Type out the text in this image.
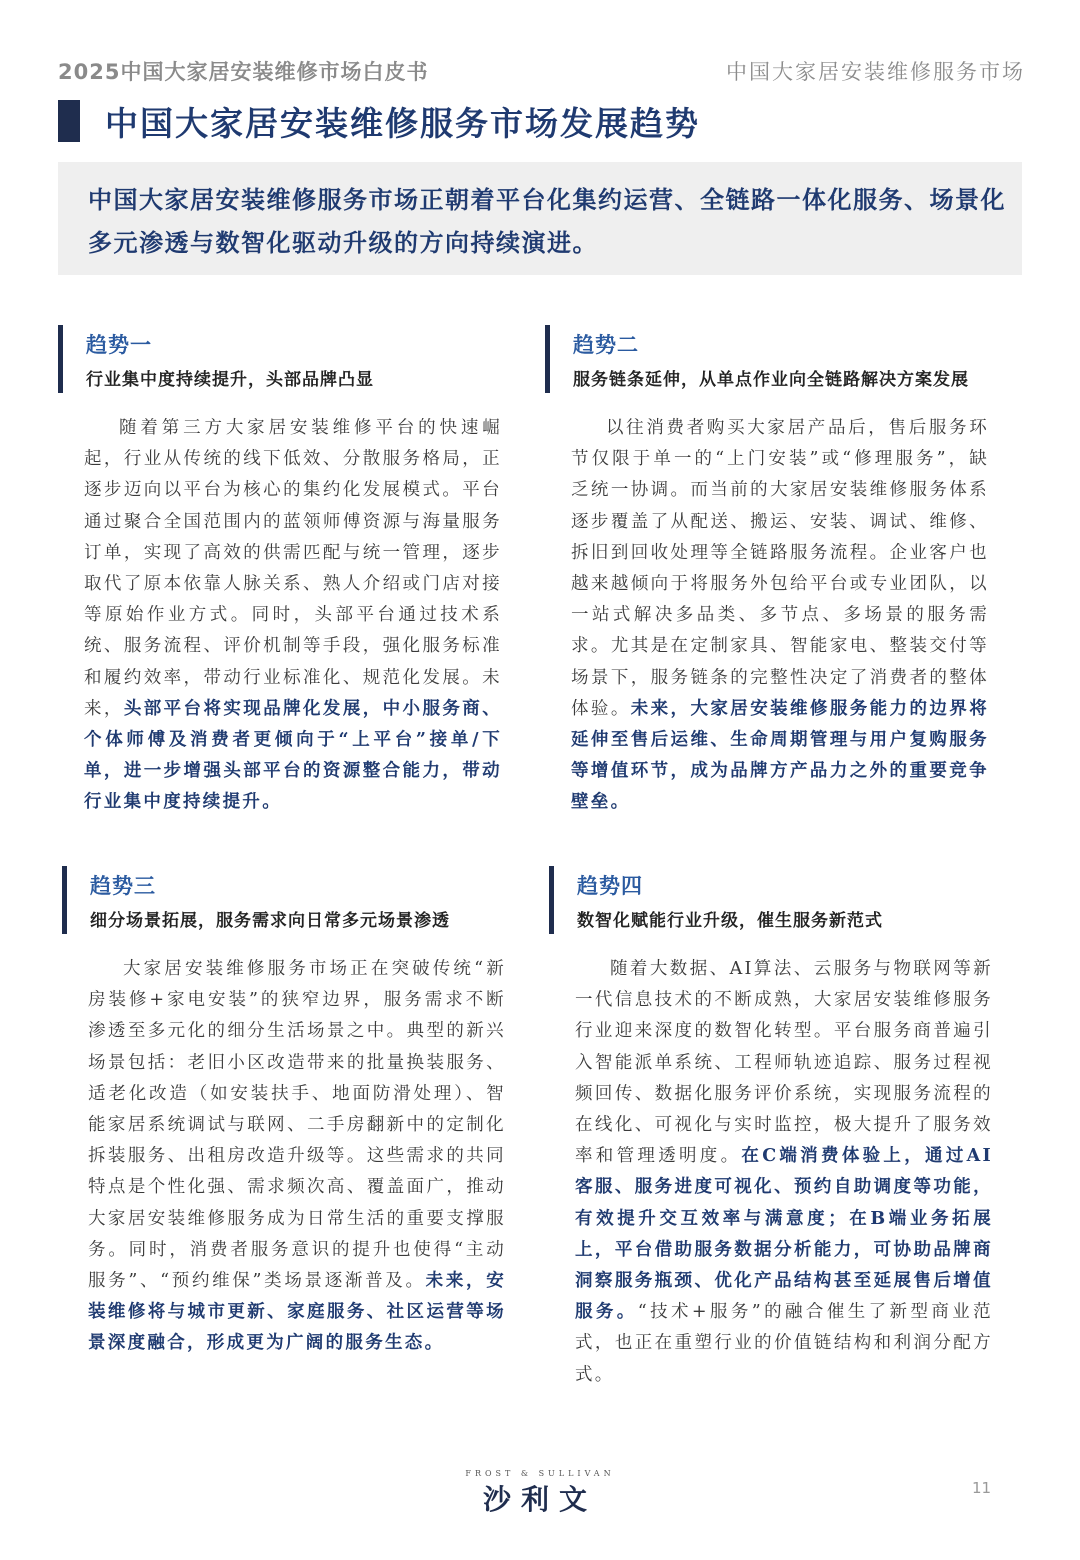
2025中国大家居安装维修市场白皮书	中国大家居安装维修服务市场
中国大家居安装维修服务市场发展趋势
中国大家居安装维修服务市场正朝着平台化集约运营、全链路一体化服务、场景化多元渗透与数智化驱动升级的方向持续演进。
趋势一
行业集中度持续提升，头部品牌凸显
随着第三方大家居安装维修平台的快速崛起，行业从传统的线下低效、分散服务格局，正逐步迈向以平台为核心的集约化发展模式。平台通过聚合全国范围内的蓝领师傅资源与海量服务订单，实现了高效的供需匹配与统一管理，逐步取代了原本依靠人脉关系、熟人介绍或门店对接等原始作业方式。同时，头部平台通过技术系统、服务流程、评价机制等手段，强化服务标准和履约效率，带动行业标准化、规范化发展。未来，头部平台将实现品牌化发展，中小服务商、个体师傅及消费者更倾向于“上平台”接单/下单，进一步增强头部平台的资源整合能力，带动行业集中度持续提升。
趋势二
服务链条延伸，从单点作业向全链路解决方案发展
以往消费者购买大家居产品后，售后服务环节仅限于单一的“上门安装”或“修理服务”，缺乏统一协调。而当前的大家居安装维修服务体系逐步覆盖了从配送、搬运、安装、调试、维修、拆旧到回收处理等全链路服务流程。企业客户也越来越倾向于将服务外包给平台或专业团队，以一站式解决多品类、多节点、多场景的服务需求。尤其是在定制家具、智能家电、整装交付等场景下，服务链条的完整性决定了消费者的整体体验。未来，大家居安装维修服务能力的边界将延伸至售后运维、生命周期管理与用户复购服务等增值环节，成为品牌方产品力之外的重要竞争壁垒。
趋势三
细分场景拓展，服务需求向日常多元场景渗透
大家居安装维修服务市场正在突破传统“新房装修+家电安装”的狭窄边界，服务需求不断渗透至多元化的细分生活场景之中。典型的新兴场景包括：老旧小区改造带来的批量换装服务、适老化改造（如安装扶手、地面防滑处理）、智能家居系统调试与联网、二手房翻新中的定制化拆装服务、出租房改造升级等。这些需求的共同特点是个性化强、需求频次高、覆盖面广，推动大家居安装维修服务成为日常生活的重要支撑服务。同时，消费者服务意识的提升也使得“主动服务”、“预约维保”类场景逐渐普及。未来，安装维修将与城市更新、家庭服务、社区运营等场景深度融合，形成更为广阔的服务生态。
趋势四
数智化赋能行业升级，催生服务新范式
随着大数据、AI算法、云服务与物联网等新一代信息技术的不断成熟，大家居安装维修服务行业迎来深度的数智化转型。平台服务商普遍引入智能派单系统、工程师轨迹追踪、服务过程视频回传、数据化服务评价系统，实现服务流程的在线化、可视化与实时监控，极大提升了服务效率和管理透明度。在C端消费体验上，通过AI客服、服务进度可视化、预约自助调度等功能，有效提升交互效率与满意度；在B端业务拓展上，平台借助服务数据分析能力，可协助品牌商洞察服务瓶颈、优化产品结构甚至延展售后增值服务。“技术+服务”的融合催生了新型商业范式，也正在重塑行业的价值链结构和利润分配方式。
FROST & SULLIVAN
沙利文	11
